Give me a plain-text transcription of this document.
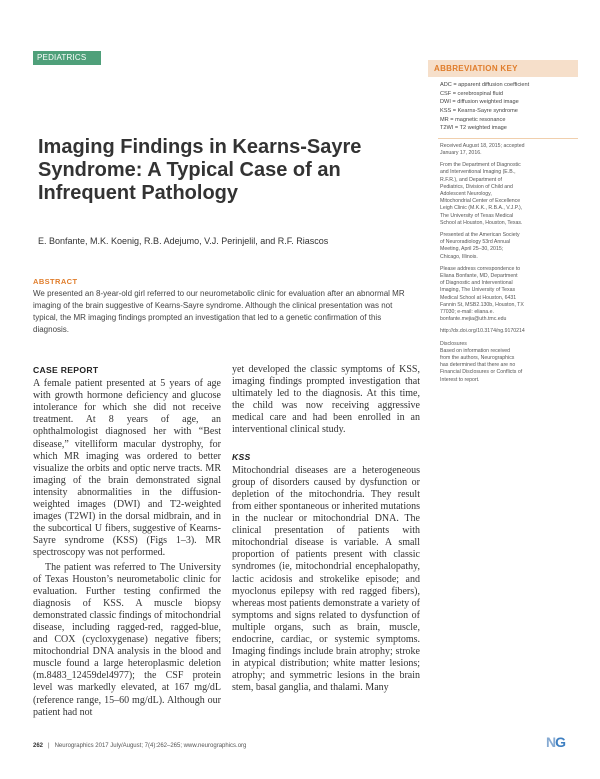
PEDIATRICS
ABBREVIATION KEY
ADC = apparent diffusion coefficient
CSF = cerebrospinal fluid
DWI = diffusion weighted image
KSS = Kearns-Sayre syndrome
MR = magnetic resonance
T2WI = T2 weighted image
Received August 18, 2015; accepted
January 17, 2016.
From the Department of Diagnostic
and Interventional Imaging (E.B.,
R.F.R.), and Department of
Pediatrics, Division of Child and
Adolescent Neurology,
Mitochondrial Center of Excellence
Leigh Clinic (M.K.K., R.B.A., V.J.P.),
The University of Texas Medical
School at Houston, Houston, Texas.
Presented at the American Society
of Neuroradiology 53rd Annual
Meeting, April 25–30, 2015;
Chicago, Illinois.
Please address correspondence to
Eliana Bonfante, MD, Department
of Diagnostic and Interventional
Imaging, The University of Texas
Medical School at Houston, 6431
Fannin St, MSB2.130b, Houston, TX
77030; e-mail: eliana.e.
bonfante.mejia@uth.tmc.edu
http://dx.doi.org/10.3174/ng.9170214
Disclosures
Based on information received
from the authors, Neurographics
has determined that there are no
Financial Disclosures or Conflicts of
Interest to report.
Imaging Findings in Kearns-Sayre
Syndrome: A Typical Case of an
Infrequent Pathology
E. Bonfante, M.K. Koenig, R.B. Adejumo, V.J. Perinjelil, and R.F. Riascos
ABSTRACT
We presented an 8-year-old girl referred to our neurometabolic clinic for evaluation after an abnormal MR imaging of the brain suggestive of Kearns-Sayre syndrome. Although the clinical presentation was not typical, the MR imaging findings prompted an investigation that led to a genetic confirmation of this diagnosis.
CASE REPORT

A female patient presented at 5 years of age with growth hormone deficiency and glucose intolerance for which she did not receive treatment. At 8 years of age, an ophthalmologist diagnosed her with “Best disease,” vitelliform macular dystrophy, for which MR imaging was ordered to better visualize the orbits and optic nerve tracts. MR imaging of the brain demonstrated signal intensity abnormalities in the diffusion-weighted images (DWI) and T2-weighted images (T2WI) in the dorsal midbrain, and in the subcortical U fibers, suggestive of Kearns-Sayre syndrome (KSS) (Figs 1–3). MR spectroscopy was not performed.

The patient was referred to The University of Texas Houston’s neurometabolic clinic for evaluation. Further testing confirmed the diagnosis of KSS. A muscle biopsy demonstrated classic findings of mitochondrial disease, including ragged-red, ragged-blue, and COX (cycloxygenase) negative fibers; mitochondrial DNA analysis in the blood and muscle found a large heteroplasmic deletion (m.8483_12459del4977); the CSF protein level was markedly elevated, at 167 mg/dL (reference range, 15–60 mg/dL). Although our patient had not

yet developed the classic symptoms of KSS, imaging findings prompted investigation that ultimately led to the diagnosis. At this time, the child was now receiving aggressive medical care and had been enrolled in an interventional clinical study.

KSS

Mitochondrial diseases are a heterogeneous group of disorders caused by dysfunction or depletion of the mitochondria. They result from either spontaneous or inherited mutations in the nuclear or mitochondrial DNA. The clinical presentation of patients with mitochondrial disease is variable. A small proportion of patients present with classic syndromes (ie, mitochondrial encephalopathy, lactic acidosis and strokelike episode; and myoclonus epilepsy with red ragged fibers), whereas most patients demonstrate a variety of symptoms and signs related to dysfunction of multiple organs, such as brain, muscle, endocrine, cardiac, or systemic symptoms. Imaging findings include brain atrophy; stroke in atypical distribution; white matter lesions; atrophy; and symmetric lesions in the brain stem, basal ganglia, and thalami. Many

262   |   Neurographics 2017 July/August; 7(4):262–265; www.neurographics.org	NG
